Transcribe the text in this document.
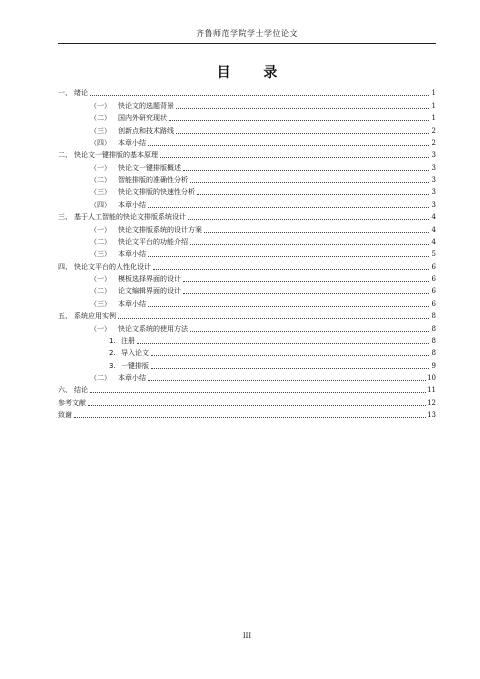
齐鲁师范学院学士学位论文
目 录
一、 绪论	1
（一）	快论文的选题背景	1
（二）	国内外研究现状	1
（三）	创新点和技术路线	2
（四）	本章小结	2
二、 快论文一键排版的基本原理	3
（一）	快论文一键排版概述	3
（二）	智能排版的准确性分析	3
（三）	快论文排版的快速性分析	3
（四）	本章小结	3
三、 基于人工智能的快论文排版系统设计	4
（一）	快论文排版系统的设计方案	4
（二）	快论文平台的功能介绍	4
（三）	本章小结	5
四、 快论文平台的人性化设计	6
（一）	模板选择界面的设计	6
（二）	论文编辑界面的设计	6
（三）	本章小结	6
五、 系统应用实例	8
（一）	快论文系统的使用方法	8
1. 注册	8
2. 导入论文	8
3. 一键排版	9
（二）	本章小结	10
六、 结论	11
参考文献	12
致谢	13
III
